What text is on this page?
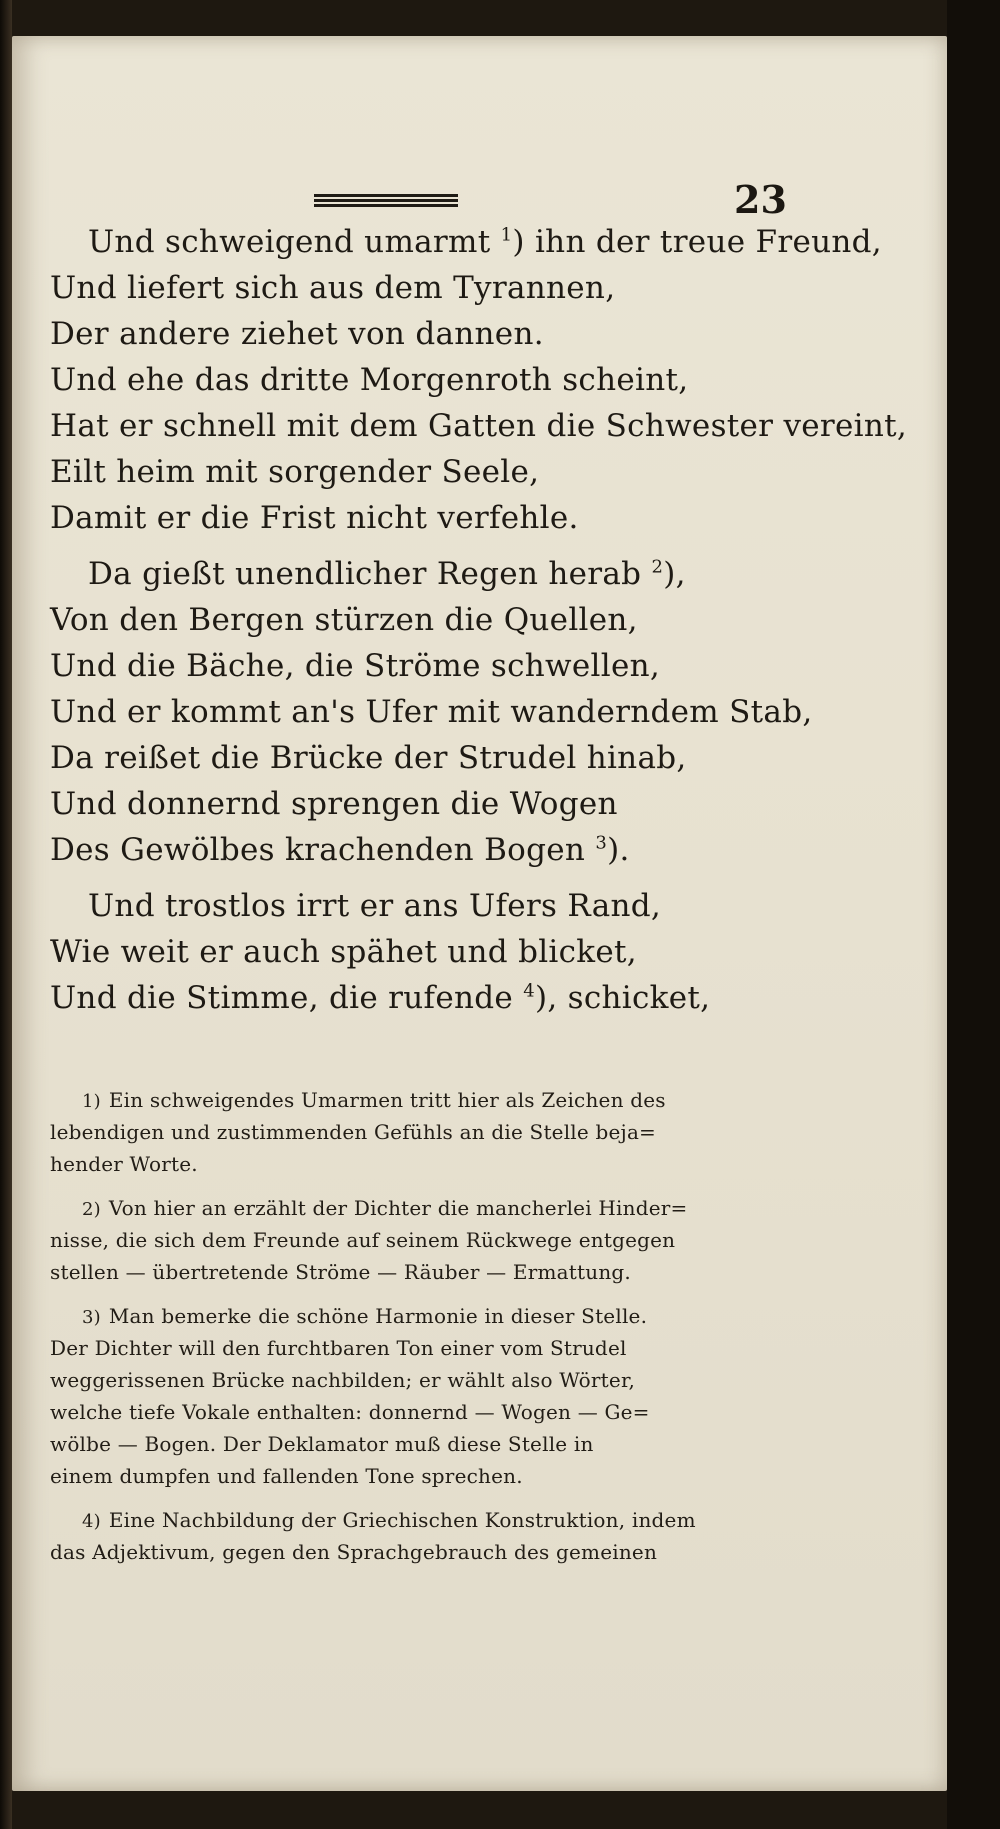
23
Und schweigend umarmt $^1$) ihn der treue Freund,
Und liefert sich aus dem Tyrannen,
Der andere ziehet von dannen.
Und ehe das dritte Morgenroth scheint,
Hat er schnell mit dem Gatten die Schwester vereint,
Eilt heim mit sorgender Seele,
Damit er die Frist nicht verfehle.
Da gießt unendlicher Regen herab $^2$),
Von den Bergen stürzen die Quellen,
Und die Bäche, die Ströme schwellen,
Und er kommt an's Ufer mit wanderndem Stab,
Da reißet die Brücke der Strudel hinab,
Und donnernd sprengen die Wogen
Des Gewölbes krachenden Bogen $^3$).
Und trostlos irrt er ans Ufers Rand,
Wie weit er auch spähet und blicket,
Und die Stimme, die rufende $^4$), schicket,
1) Ein schweigendes Umarmen tritt hier als Zeichen des
lebendigen und zustimmenden Gefühls an die Stelle beja=
hender Worte.
2) Von hier an erzählt der Dichter die mancherlei Hinder=
nisse, die sich dem Freunde auf seinem Rückwege entgegen
stellen — übertretende Ströme — Räuber — Ermattung.
3) Man bemerke die schöne Harmonie in dieser Stelle.
Der Dichter will den furchtbaren Ton einer vom Strudel
weggerissenen Brücke nachbilden; er wählt also Wörter,
welche tiefe Vokale enthalten: donnernd — Wogen — Ge=
wölbe — Bogen. Der Deklamator muß diese Stelle in
einem dumpfen und fallenden Tone sprechen.
4) Eine Nachbildung der Griechischen Konstruktion, indem
das Adjektivum, gegen den Sprachgebrauch des gemeinen
